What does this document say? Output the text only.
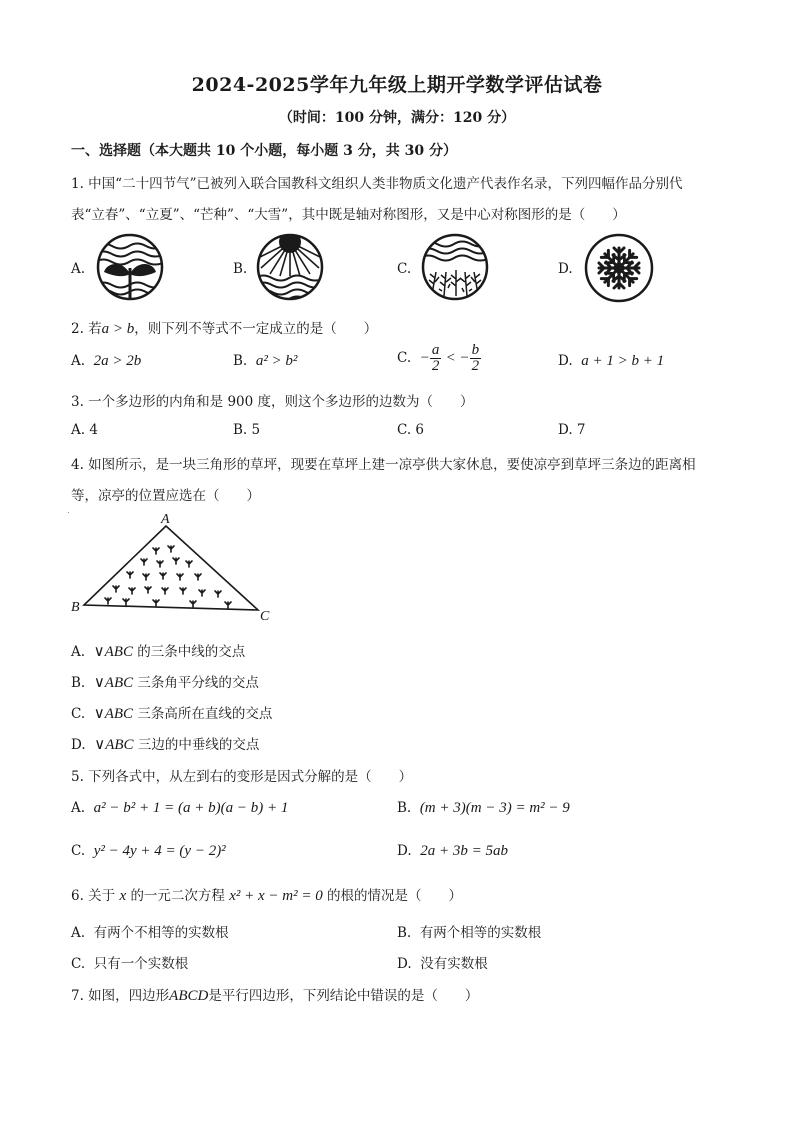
2024-2025学年九年级上期开学数学评估试卷
（时间：100 分钟，满分：120 分）
一、选择题（本大题共 10 个小题，每小题 3 分，共 30 分）
1. 中国“二十四节气”已被列入联合国教科文组织人类非物质文化遗产代表作名录，下列四幅作品分别代
表“立春”、“立夏”、“芒种”、“大雪”，其中既是轴对称图形，又是中心对称图形的是（　　）
A.	B.	C.	D.
2. 若a > b，则下列不等式不一定成立的是（　　）
A. 2a > 2b	B. a² > b²	C. − $\frac{a}{2}$ < − $\frac{b}{2}$	D. a + 1 > b + 1
3. 一个多边形的内角和是 900 度，则这个多边形的边数为（　　）
A. 4	B. 5	C. 6	D. 7
4. 如图所示，是一块三角形的草坪，现要在草坪上建一凉亭供大家休息，要使凉亭到草坪三条边的距离相
等，凉亭的位置应选在（　　）
A
B
C
A. ∨ABC 的三条中线的交点
B. ∨ABC 三条角平分线的交点
C. ∨ABC 三条高所在直线的交点
D. ∨ABC 三边的中垂线的交点
5. 下列各式中，从左到右的变形是因式分解的是（　　）
A. a² − b² + 1 = (a + b)(a − b) + 1	B. (m + 3)(m − 3) = m² − 9
C. y² − 4y + 4 = (y − 2)²	D. 2a + 3b = 5ab
6. 关于 x 的一元二次方程 x² + x − m² = 0 的根的情况是（　　）
A. 有两个不相等的实数根	B. 有两个相等的实数根
C. 只有一个实数根	D. 没有实数根
7. 如图，四边形ABCD是平行四边形，下列结论中错误的是（　　）
